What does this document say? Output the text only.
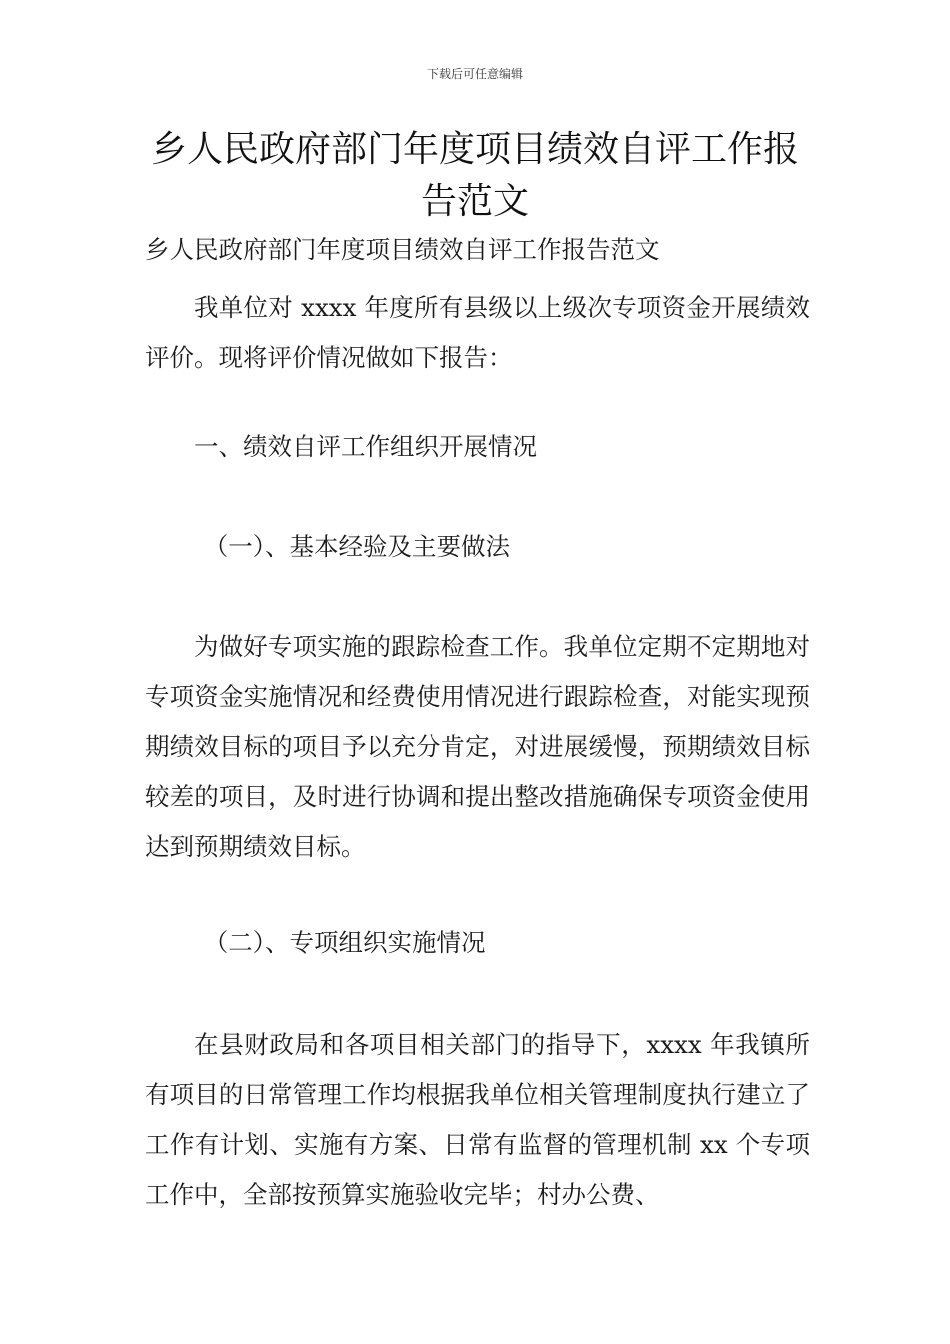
下载后可任意编辑
乡人民政府部门年度项目绩效自评工作报告范文

乡人民政府部门年度项目绩效自评工作报告范文

我单位对 xxxx 年度所有县级以上级次专项资金开展绩效评价。现将评价情况做如下报告：

一、绩效自评工作组织开展情况

（一）、基本经验及主要做法

为做好专项实施的跟踪检查工作。我单位定期不定期地对专项资金实施情况和经费使用情况进行跟踪检查，对能实现预期绩效目标的项目予以充分肯定，对进展缓慢，预期绩效目标较差的项目，及时进行协调和提出整改措施确保专项资金使用达到预期绩效目标。

（二）、专项组织实施情况

在县财政局和各项目相关部门的指导下，xxxx 年我镇所有项目的日常管理工作均根据我单位相关管理制度执行建立了工作有计划、实施有方案、日常有监督的管理机制 xx 个专项工作中，全部按预算实施验收完毕；村办公费、
